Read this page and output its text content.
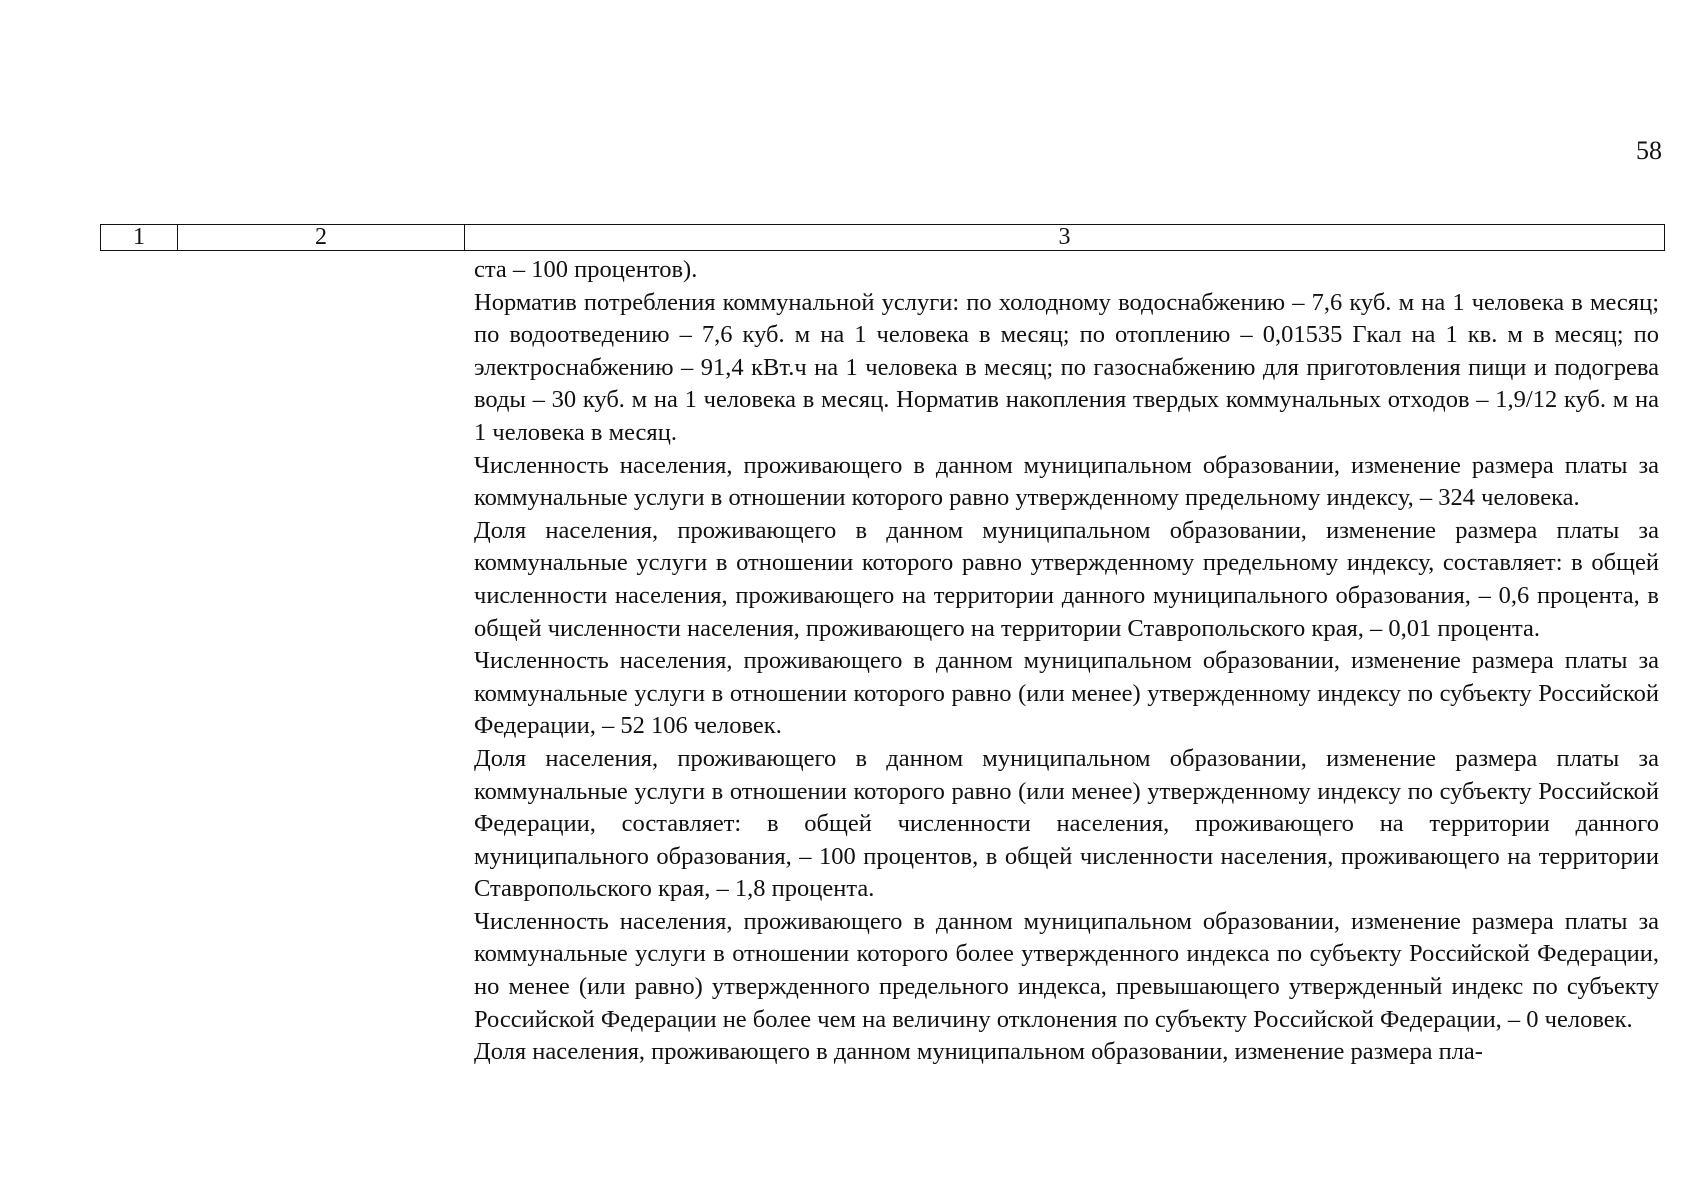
58
1	2	3

ста – 100 процентов).

Норматив потребления коммунальной услуги: по холодному водоснабжению – 7,6 куб. м на 1 человека в месяц; по водоотведению – 7,6 куб. м на 1 человека в месяц; по отоплению – 0,01535 Гкал на 1 кв. м в месяц; по электроснабжению – 91,4 кВт.ч на 1 человека в месяц; по газоснабжению для приготовления пищи и подогрева воды – 30 куб. м на 1 человека в месяц. Норматив накопления твердых коммунальных отходов – 1,9/12 куб. м на 1 человека в месяц.

Численность населения, проживающего в данном муниципальном образовании, изменение размера платы за коммунальные услуги в отношении которого равно утвержденному предельному индексу, – 324 человека.

Доля населения, проживающего в данном муниципальном образовании, изменение размера платы за коммунальные услуги в отношении которого равно утвержденному предельному индексу, составляет: в общей численности населения, проживающего на территории данного муниципального образования, – 0,6 процента, в общей численности населения, проживающего на территории Ставропольского края, – 0,01 процента.

Численность населения, проживающего в данном муниципальном образовании, изменение размера платы за коммунальные услуги в отношении которого равно (или менее) утвержденному индексу по субъекту Российской Федерации, – 52 106 человек.

Доля населения, проживающего в данном муниципальном образовании, изменение размера платы за коммунальные услуги в отношении которого равно (или менее) утвержденному индексу по субъекту Российской Федерации, составляет: в общей численности населения, проживающего на территории данного муниципального образования, – 100 процентов, в общей численности населения, проживающего на территории Ставропольского края, – 1,8 процента.

Численность населения, проживающего в данном муниципальном образовании, изменение размера платы за коммунальные услуги в отношении которого более утвержденного индекса по субъекту Российской Федерации, но менее (или равно) утвержденного предельного индекса, превышающего утвержденный индекс по субъекту Российской Федерации не более чем на величину отклонения по субъекту Российской Федерации, – 0 человек.

Доля населения, проживающего в данном муниципальном образовании, изменение размера пла-
